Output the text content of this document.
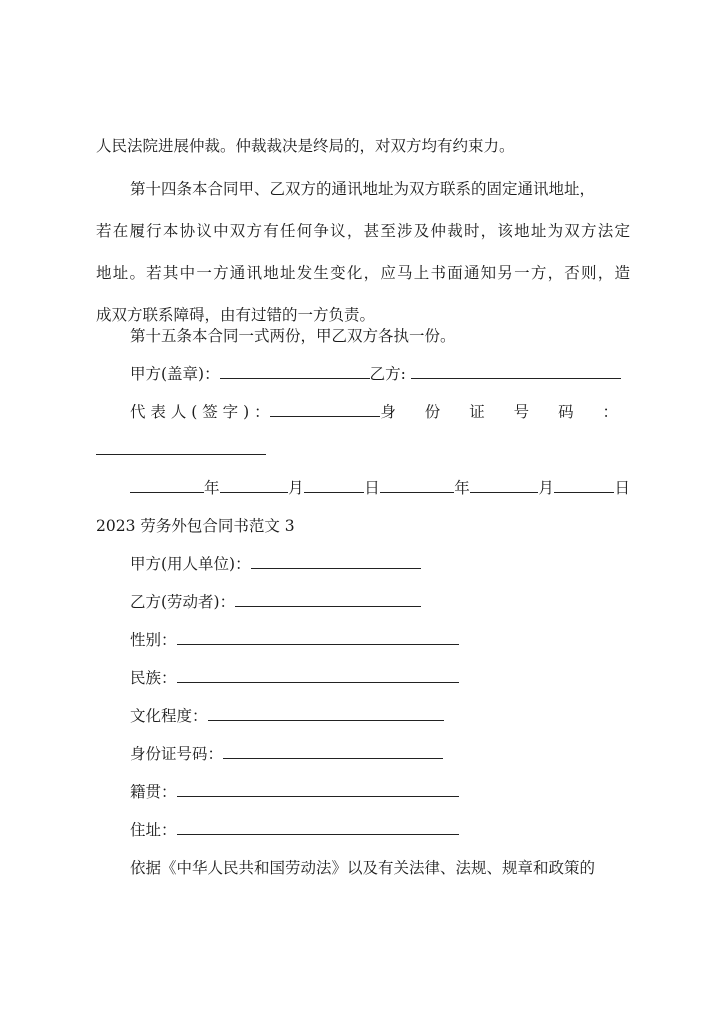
人民法院进展仲裁。仲裁裁决是终局的，对双方均有约束力。
第十四条本合同甲、乙双方的通讯地址为双方联系的固定通讯地址，
若在履行本协议中双方有任何争议，甚至涉及仲裁时，该地址为双方法定
地址。若其中一方通讯地址发生变化，应马上书面通知另一方，否则，造
成双方联系障碍，由有过错的一方负责。
第十五条本合同一式两份，甲乙双方各执一份。
甲方(盖章)：	乙方:
代 表 人 ( 签 字 ) ：	身 份 证 号 码 ：
年	月	日	年	月	日
2023 劳务外包合同书范文 3
甲方(用人单位)：
乙方(劳动者)：
性别：
民族：
文化程度：
身份证号码：
籍贯：
住址：
依据《中华人民共和国劳动法》以及有关法律、法规、规章和政策的
